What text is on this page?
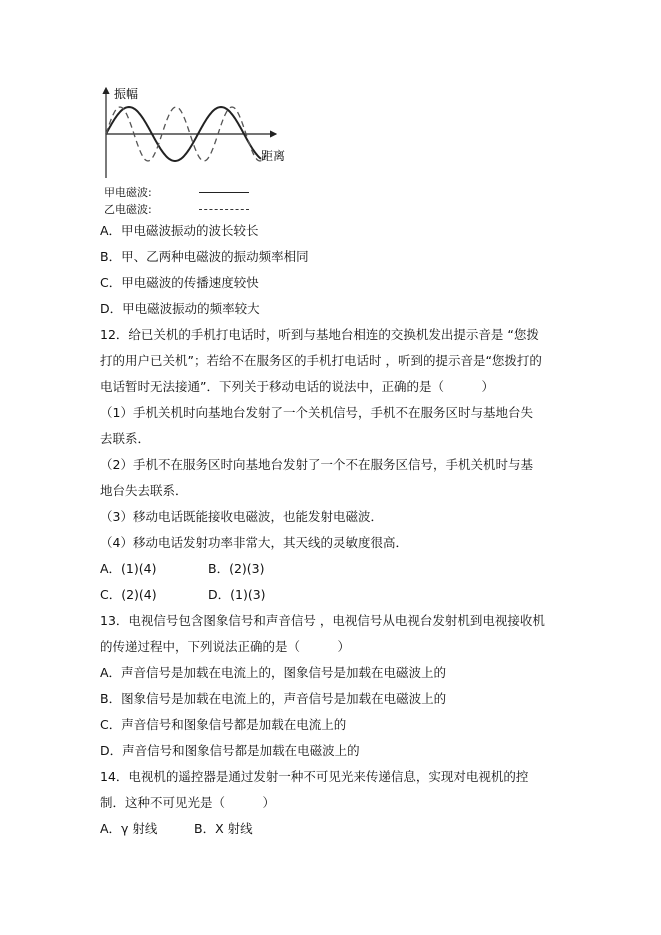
振幅
距离
甲电磁波:
乙电磁波:
A．甲电磁波振动的波长较长
B．甲、乙两种电磁波的振动频率相同
C．甲电磁波的传播速度较快
D．甲电磁波振动的频率较大
12．给已关机的手机打电话时，听到与基地台相连的交换机发出提示音是 “您拨
打的用户已关机”；若给不在服务区的手机打电话时 ，听到的提示音是“您拨打的
电话暂时无法接通”．下列关于移动电话的说法中，正确的是（　　　）
（1）手机关机时向基地台发射了一个关机信号，手机不在服务区时与基地台失
去联系．
（2）手机不在服务区时向基地台发射了一个不在服务区信号，手机关机时与基
地台失去联系．
（3）移动电话既能接收电磁波，也能发射电磁波．
（4）移动电话发射功率非常大，其天线的灵敏度很高．
A．(1)(4)	B．(2)(3)
C．(2)(4)	D．(1)(3)
13．电视信号包含图象信号和声音信号 ，电视信号从电视台发射机到电视接收机
的传递过程中，下列说法正确的是（　　　）
A．声音信号是加载在电流上的，图象信号是加载在电磁波上的
B．图象信号是加载在电流上的，声音信号是加载在电磁波上的
C．声音信号和图象信号都是加载在电流上的
D．声音信号和图象信号都是加载在电磁波上的
14．电视机的遥控器是通过发射一种不可见光来传递信息，实现对电视机的控
制．这种不可见光是（　　　）
A．γ 射线	B．X 射线
